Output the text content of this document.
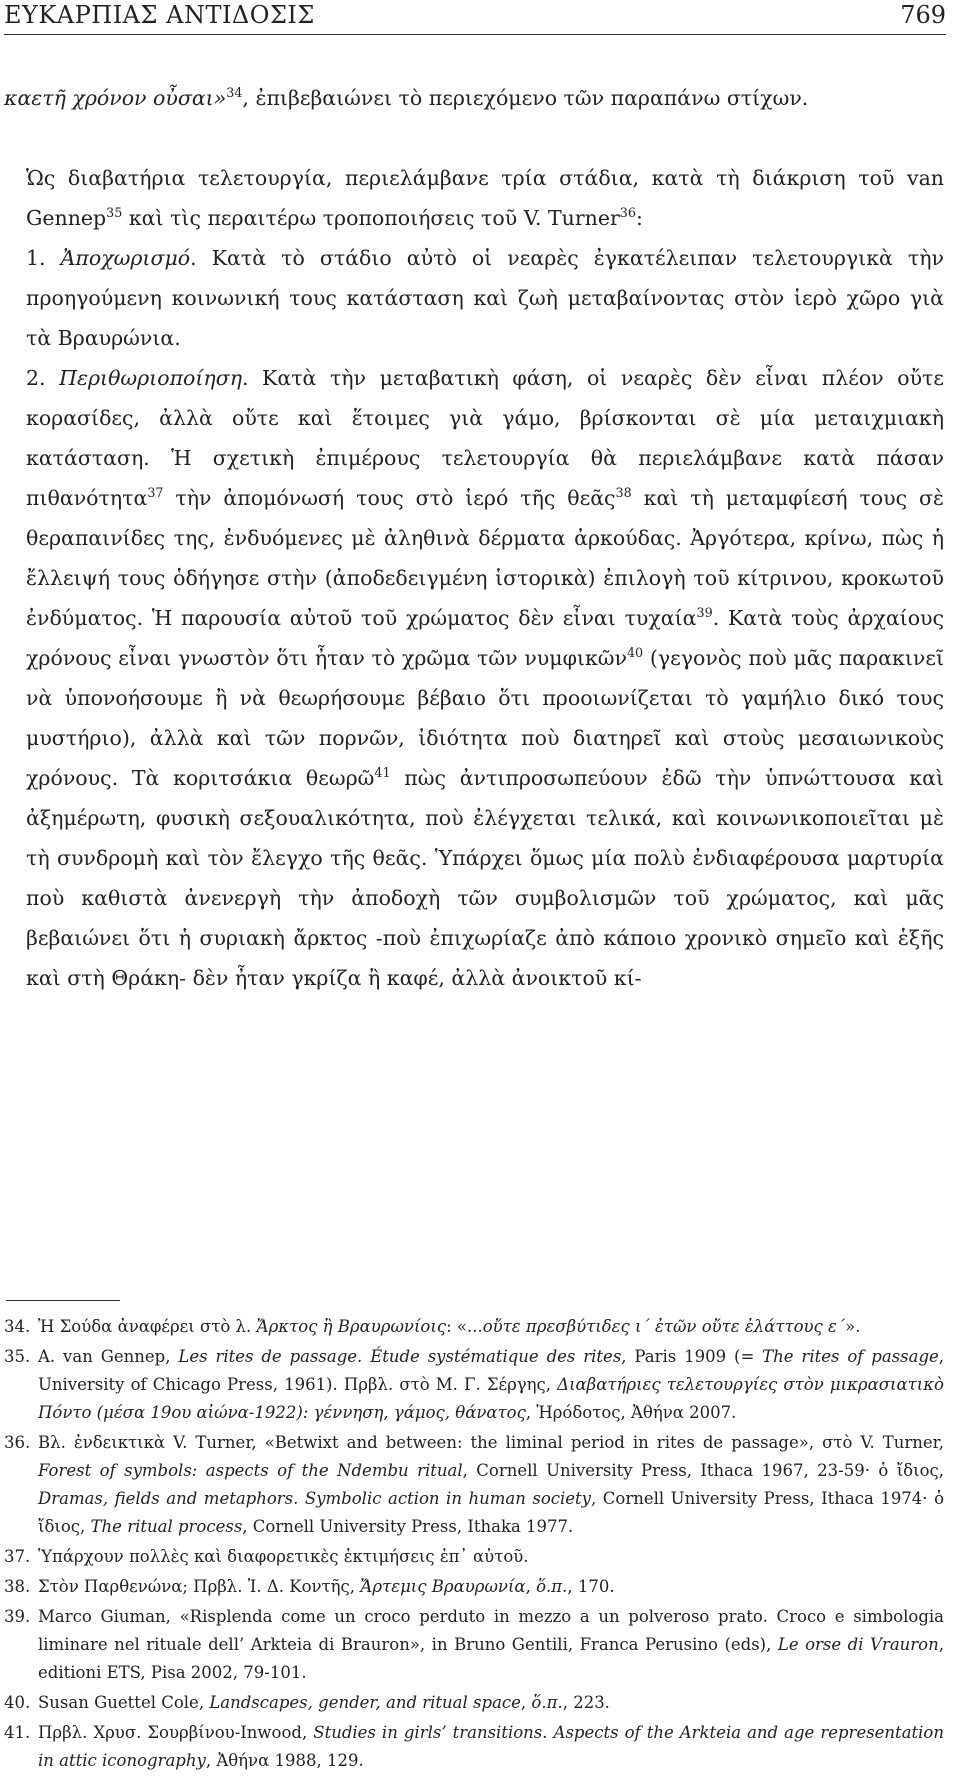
ΕΥΚΑΡΠΙΑΣ ΑΝΤΙΔΟΣΙΣ	769

καετῆ χρόνον οὖσαι»$^{34}$, ἐπιβεβαιώνει τὸ περιεχόμενο τῶν παραπάνω στίχων.

Ὡς διαβατήρια τελετουργία, περιελάμβανε τρία στάδια, κατὰ τὴ διάκριση τοῦ van Gennep$^{35}$ καὶ τὶς περαιτέρω τροποποιήσεις τοῦ V. Turner$^{36}$:

1. Ἀποχωρισμό. Κατὰ τὸ στάδιο αὐτὸ οἱ νεαρὲς ἐγκατέλειπαν τελετουργικὰ τὴν προηγούμενη κοινωνική τους κατάσταση καὶ ζωὴ μεταβαίνοντας στὸν ἱερὸ χῶρο γιὰ τὰ Βραυρώνια.

2. Περιθωριοποίηση. Κατὰ τὴν μεταβατικὴ φάση, οἱ νεαρὲς δὲν εἶναι πλέον οὔτε κορασίδες, ἀλλὰ οὔτε καὶ ἕτοιμες γιὰ γάμο, βρίσκονται σὲ μία μεταιχμιακὴ κατάσταση. Ἡ σχετικὴ ἐπιμέρους τελετουργία θὰ περιελάμβανε κατὰ πάσαν πιθανότητα$^{37}$ τὴν ἀπομόνωσή τους στὸ ἱερό τῆς θεᾶς$^{38}$ καὶ τὴ μεταμφίεσή τους σὲ θεραπαινίδες της, ἐνδυόμενες μὲ ἀληθινὰ δέρματα ἀρκούδας. Ἀργότερα, κρίνω, πὼς ἡ ἔλλειψή τους ὁδήγησε στὴν (ἀποδεδειγμένη ἱστορικὰ) ἐπιλογὴ τοῦ κίτρινου, κροκωτοῦ ἐνδύματος. Ἡ παρουσία αὐτοῦ τοῦ χρώματος δὲν εἶναι τυχαία$^{39}$. Κατὰ τοὺς ἀρχαίους χρόνους εἶναι γνωστὸν ὅτι ἦταν τὸ χρῶμα τῶν νυμφικῶν$^{40}$ (γεγονὸς ποὺ μᾶς παρακινεῖ νὰ ὑπονοήσουμε ἢ νὰ θεωρήσουμε βέβαιο ὅτι προοιωνίζεται τὸ γαμήλιο δικό τους μυστήριο), ἀλλὰ καὶ τῶν πορνῶν, ἰδιότητα ποὺ διατηρεῖ καὶ στοὺς μεσαιωνικοὺς χρόνους. Τὰ κοριτσάκια θεωρῶ$^{41}$ πὼς ἀντιπροσωπεύουν ἐδῶ τὴν ὑπνώττουσα καὶ ἀξημέρωτη, φυσικὴ σεξουαλικότητα, ποὺ ἐλέγχεται τελικά, καὶ κοινωνικοποιεῖται μὲ τὴ συνδρομὴ καὶ τὸν ἔλεγχο τῆς θεᾶς. Ὑπάρχει ὅμως μία πολὺ ἐνδιαφέρουσα μαρτυρία ποὺ καθιστὰ ἀνενεργὴ τὴν ἀποδοχὴ τῶν συμβολισμῶν τοῦ χρώματος, καὶ μᾶς βεβαιώνει ὅτι ἡ συριακὴ ἄρκτος -ποὺ ἐπιχωρίαζε ἀπὸ κάποιο χρονικὸ σημεῖο καὶ ἑξῆς καὶ στὴ Θράκη- δὲν ἦταν γκρίζα ἢ καφέ, ἀλλὰ ἀνοικτοῦ κί-

34. Ἡ Σούδα ἀναφέρει στὸ λ. Ἄρκτος ἢ Βραυρωνίοις: «...οὔτε πρεσβύτιδες ι´ ἐτῶν οὔτε ἐλάττους ε´».
35. A. van Gennep, Les rites de passage. Étude systématique des rites, Paris 1909 (= The rites of passage, University of Chicago Press, 1961). Πρβλ. στὸ Μ. Γ. Σέργης, Διαβατήριες τελετουργίες στὸν μικρασιατικὸ Πόντο (μέσα 19ου αἰώνα-1922): γέννηση, γάμος, θάνατος, Ἡρόδοτος, Ἀθήνα 2007.
36. Βλ. ἐνδεικτικὰ V. Turner, «Betwixt and between: the liminal period in rites de passage», στὸ V. Turner, Forest of symbols: aspects of the Ndembu ritual, Cornell University Press, Ithaca 1967, 23-59· ὁ ἴδιος, Dramas, fields and metaphors. Symbolic action in human society, Cornell University Press, Ithaca 1974· ὁ ἴδιος, The ritual process, Cornell University Press, Ithaka 1977.
37. Ὑπάρχουν πολλὲς καὶ διαφορετικὲς ἐκτιμήσεις ἐπ᾽ αὐτοῦ.
38. Στὸν Παρθενώνα; Πρβλ. Ἰ. Δ. Κοντῆς, Ἄρτεμις Βραυρωνία, ὅ.π., 170.
39. Marco Giuman, «Risplenda come un croco perduto in mezzo a un polveroso prato. Croco e simbologia liminare nel rituale dell’ Arkteia di Brauron», in Bruno Gentili, Franca Perusino (eds), Le orse di Vrauron, editioni ETS, Pisa 2002, 79-101.
40. Susan Guettel Cole, Landscapes, gender, and ritual space, ὅ.π., 223.
41. Πρβλ. Χρυσ. Σουρβίνου-Inwood, Studies in girls’ transitions. Aspects of the Arkteia and age representation in attic iconography, Ἀθήνα 1988, 129.
